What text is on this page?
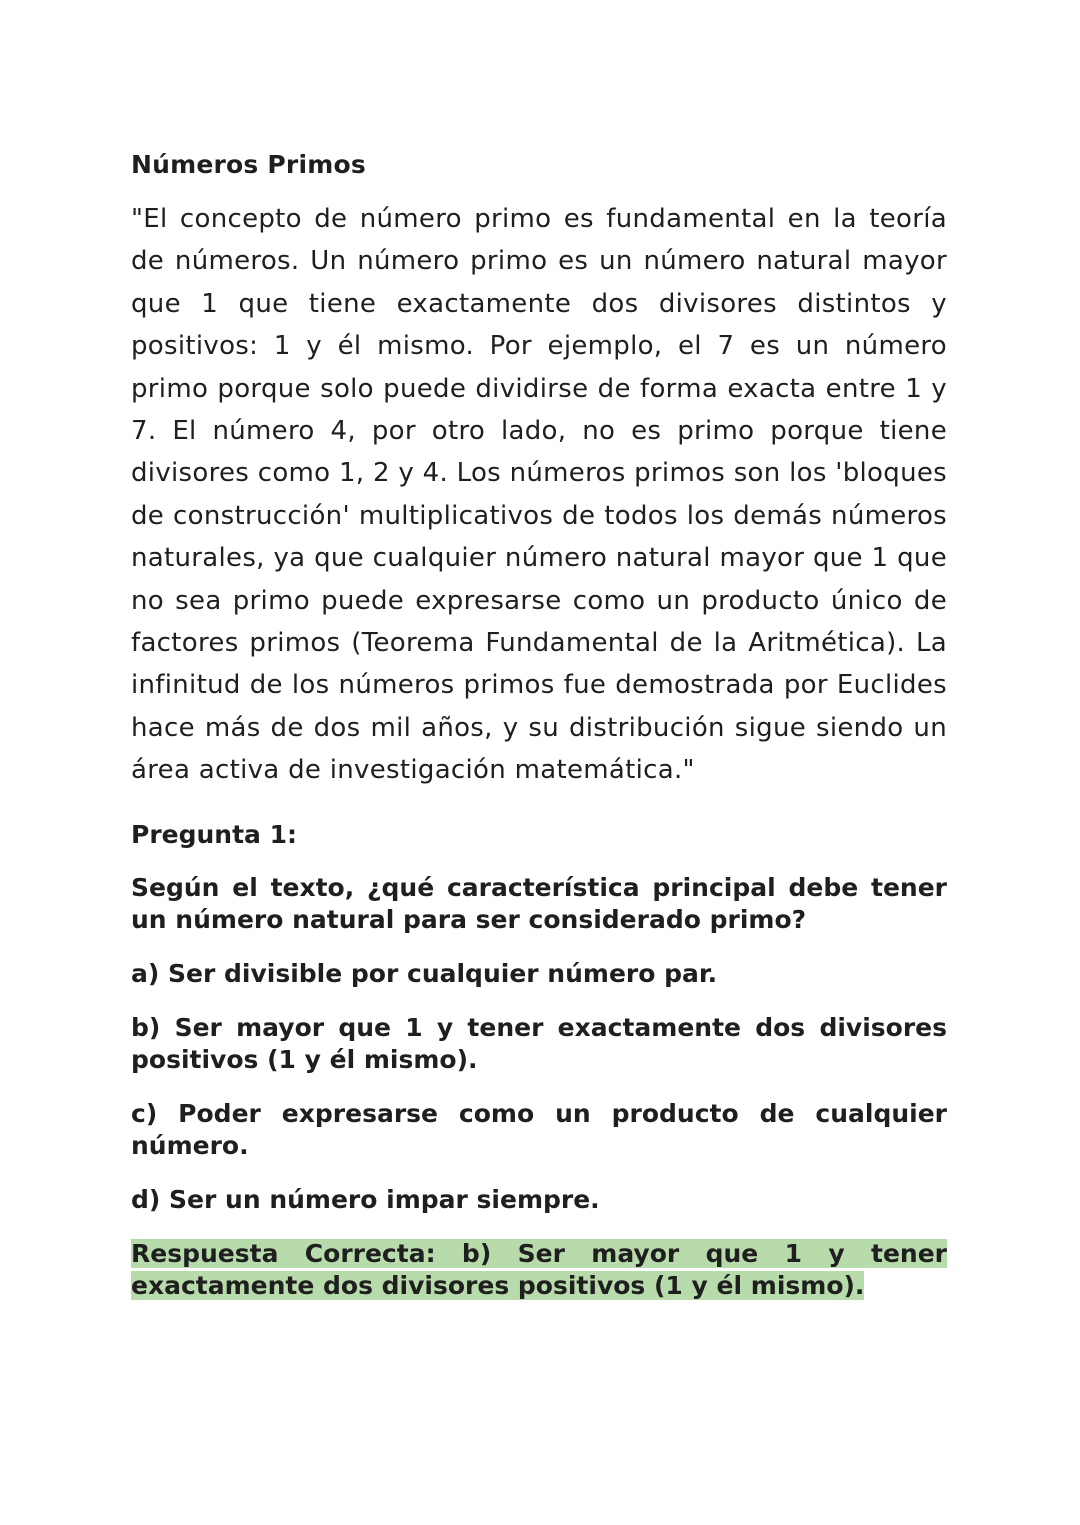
Números Primos

"El concepto de número primo es fundamental en la teoría de números. Un número primo es un número natural mayor que 1 que tiene exactamente dos divisores distintos y positivos: 1 y él mismo. Por ejemplo, el 7 es un número primo porque solo puede dividirse de forma exacta entre 1 y 7. El número 4, por otro lado, no es primo porque tiene divisores como 1, 2 y 4. Los números primos son los 'bloques de construcción' multiplicativos de todos los demás números naturales, ya que cualquier número natural mayor que 1 que no sea primo puede expresarse como un producto único de factores primos (Teorema Fundamental de la Aritmética). La infinitud de los números primos fue demostrada por Euclides hace más de dos mil años, y su distribución sigue siendo un área activa de investigación matemática."

Pregunta 1:
Según el texto, ¿qué característica principal debe tener un número natural para ser considerado primo?
a) Ser divisible por cualquier número par.
b) Ser mayor que 1 y tener exactamente dos divisores positivos (1 y él mismo).
c) Poder expresarse como un producto de cualquier número.
d) Ser un número impar siempre.
Respuesta Correcta: b) Ser mayor que 1 y tener exactamente dos divisores positivos (1 y él mismo).
